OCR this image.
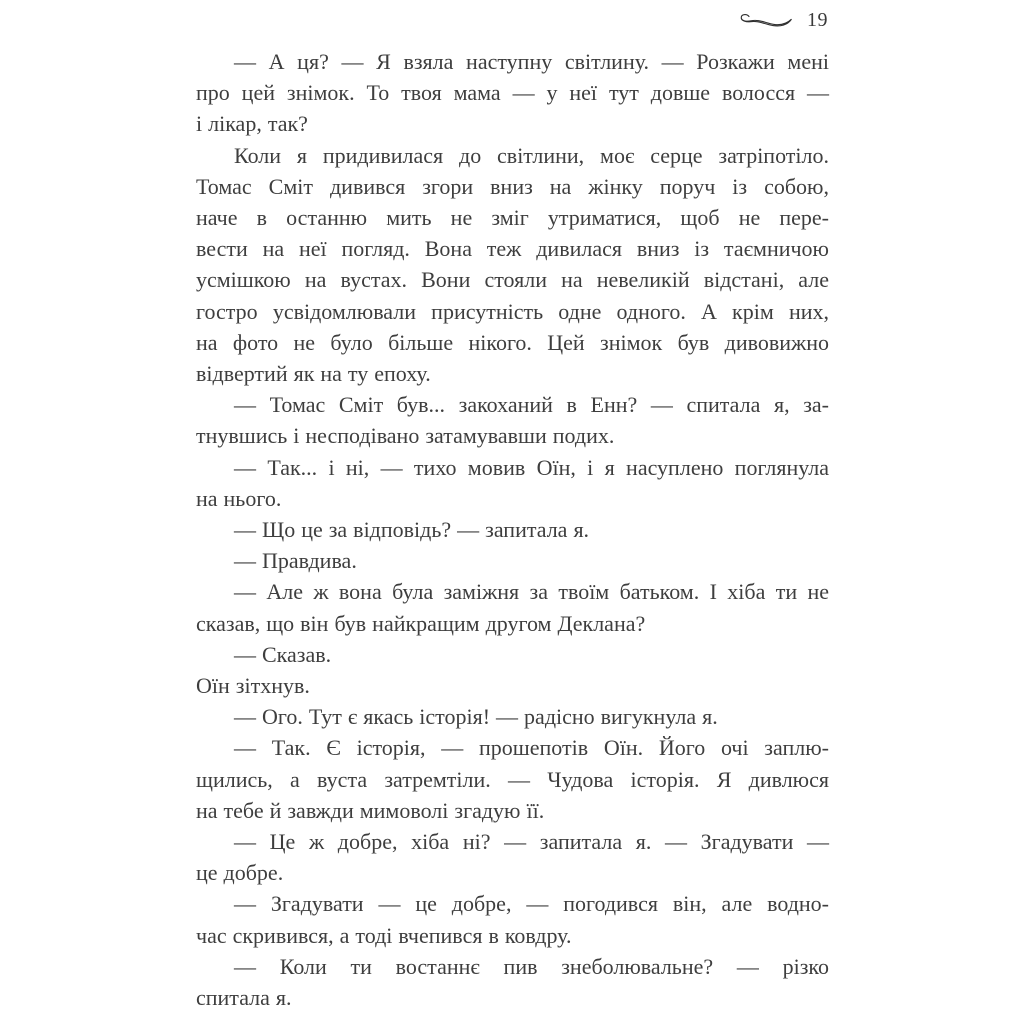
19
— А ця? — Я взяла наступну світлину. — Розкажи мені
про цей знімок. То твоя мама — у неї тут довше волосся —
і лікар, так?
Коли я придивилася до світлини, моє серце затріпотіло.
Томас Сміт дивився згори вниз на жінку поруч із собою,
наче в останню мить не зміг утриматися, щоб не пере-
вести на неї погляд. Вона теж дивилася вниз із таємничою
усмішкою на вустах. Вони стояли на невеликій відстані, але
гостро усвідомлювали присутність одне одного. А крім них,
на фото не було більше нікого. Цей знімок був дивовижно
відвертий як на ту епоху.
— Томас Сміт був... закоханий в Енн? — спитала я, за-
тнувшись і несподівано затамувавши подих.
— Так... і ні, — тихо мовив Оїн, і я насуплено поглянула
на нього.
— Що це за відповідь? — запитала я.
— Правдива.
— Але ж вона була заміжня за твоїм батьком. І хіба ти не
сказав, що він був найкращим другом Деклана?
— Сказав.
Оїн зітхнув.
— Ого. Тут є якась історія! — радісно вигукнула я.
— Так. Є історія, — прошепотів Оїн. Його очі заплю-
щились, а вуста затремтіли. — Чудова історія. Я дивлюся
на тебе й завжди мимоволі згадую її.
— Це ж добре, хіба ні? — запитала я. — Згадувати —
це добре.
— Згадувати — це добре, — погодився він, але водно-
час скривився, а тоді вчепився в ковдру.
— Коли ти востаннє пив знеболювальне? — різко
спитала я.
